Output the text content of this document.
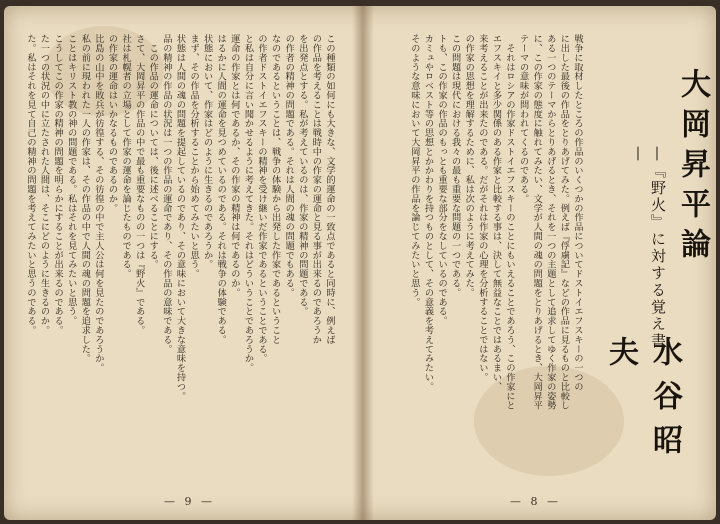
この種類の如何にも大きな、文学的運命の一致点であると同時に、例えば
の作品を考えることは戦時中の作家の運命と見る事が出来るのであろうか
を出発点とする。私が考えているのは、作家の精神の問題である。
の作者の精神の問題である。それは人間の魂の問題でもある。
なのであるということは、戦争の体験から出発した作家であるということ
の作者ドストイエフスキーの精神を受け継いだ作家であるということである。
と私は自分に言い聞かせるように考えてきた。それはどういうことであろうか。
運命の作家とは何であるか、その作家の精神は何であるのか。
はるかに人間の運命を見つめているのである。それは戦争の体験である。
状態において、作家はどのように生きるのであろうか。
まず、その作品を分析することから始めてみたいと思う。
状態は人間の魂の問題を提起しているのであり、その意味において大きな意味を持つ。
品の精神の作品の状況は一つの作品の運命であり、その作品の意味である。
　この作品の運命については、後に述べることにする。
さて、大岡昇平の作品の中で最も重要なものの一つは『野火』である。
社は札幌者の立場として作家の運命を論じたものである。
の作家の運命はいかなるものであるのか。
比島の山中を敗兵が彷徨する、その彷徨の中で主人公は何を見たのであろうか。
私の前に現われた一人の作家は、その作品の中で人間の魂の問題を追求した。
ことはキリスト教の神の問題である。私はそれを見てみたいと思う。
こうしてこの作家の精神の問題を明らかにすることが出来るのである。
た一つの状況の中に立たされた人間は、そこにどのように生きるのか。
た。私はそれを見て自己の精神の問題を考えてみたいと思うのである。
— 9 —
戦争に取材したところの作品のいくつかの作品についてドストイエフスキーの一つの
に出した最後の作品をとりあげてみた。例えば『俘虜記』などの作品に見るものと比較し
ある一つのテーマからとりあげるとき、それを一つの主題として追求してゆく作家の姿勢
に、この作家の態度に触れてみたい、文学が人間の魂の問題をとりあげるとき、大岡昇平
テーマの意味が問われてくるのである。
　それはロシアの作家ドストイエフスキーのことにもいえることであろう、この作家にと
エフスキイと多少関係のある作家と比較する事は、決して無益なことではあるまい、
来考えることが出来たのである。だがそれは作家の心理を分析することではない。
の作家の思想を理解するために、私は次のように考えてみた。
この問題は現代における我々の最も重要な問題の一つである。
トも、この作家の作品のもっとも重要な部分をなしているのである。
カミュやロベスト等の思想とかかわりを持つものとして、その意義を考えてみたい。
そのような意味において大岡昇平の作品を論じてみたいと思う。	大岡昇平論
—『野火』に対する覚え書—
水谷昭夫
— 8 —
